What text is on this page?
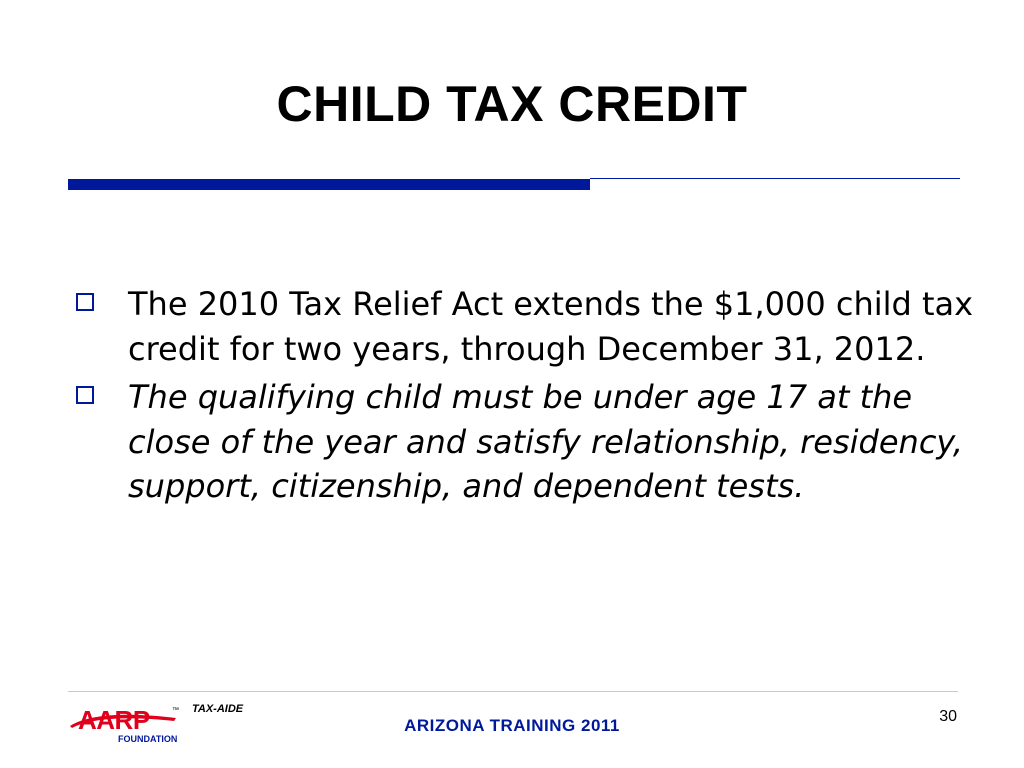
CHILD TAX CREDIT
The 2010 Tax Relief Act extends the $1,000 child tax credit for two years, through December 31, 2012.
The qualifying child must be under age 17 at the close of the year and satisfy relationship, residency, support, citizenship, and dependent tests.
AARP	™ TAX-AIDE
FOUNDATION
ARIZONA TRAINING 2011	30
